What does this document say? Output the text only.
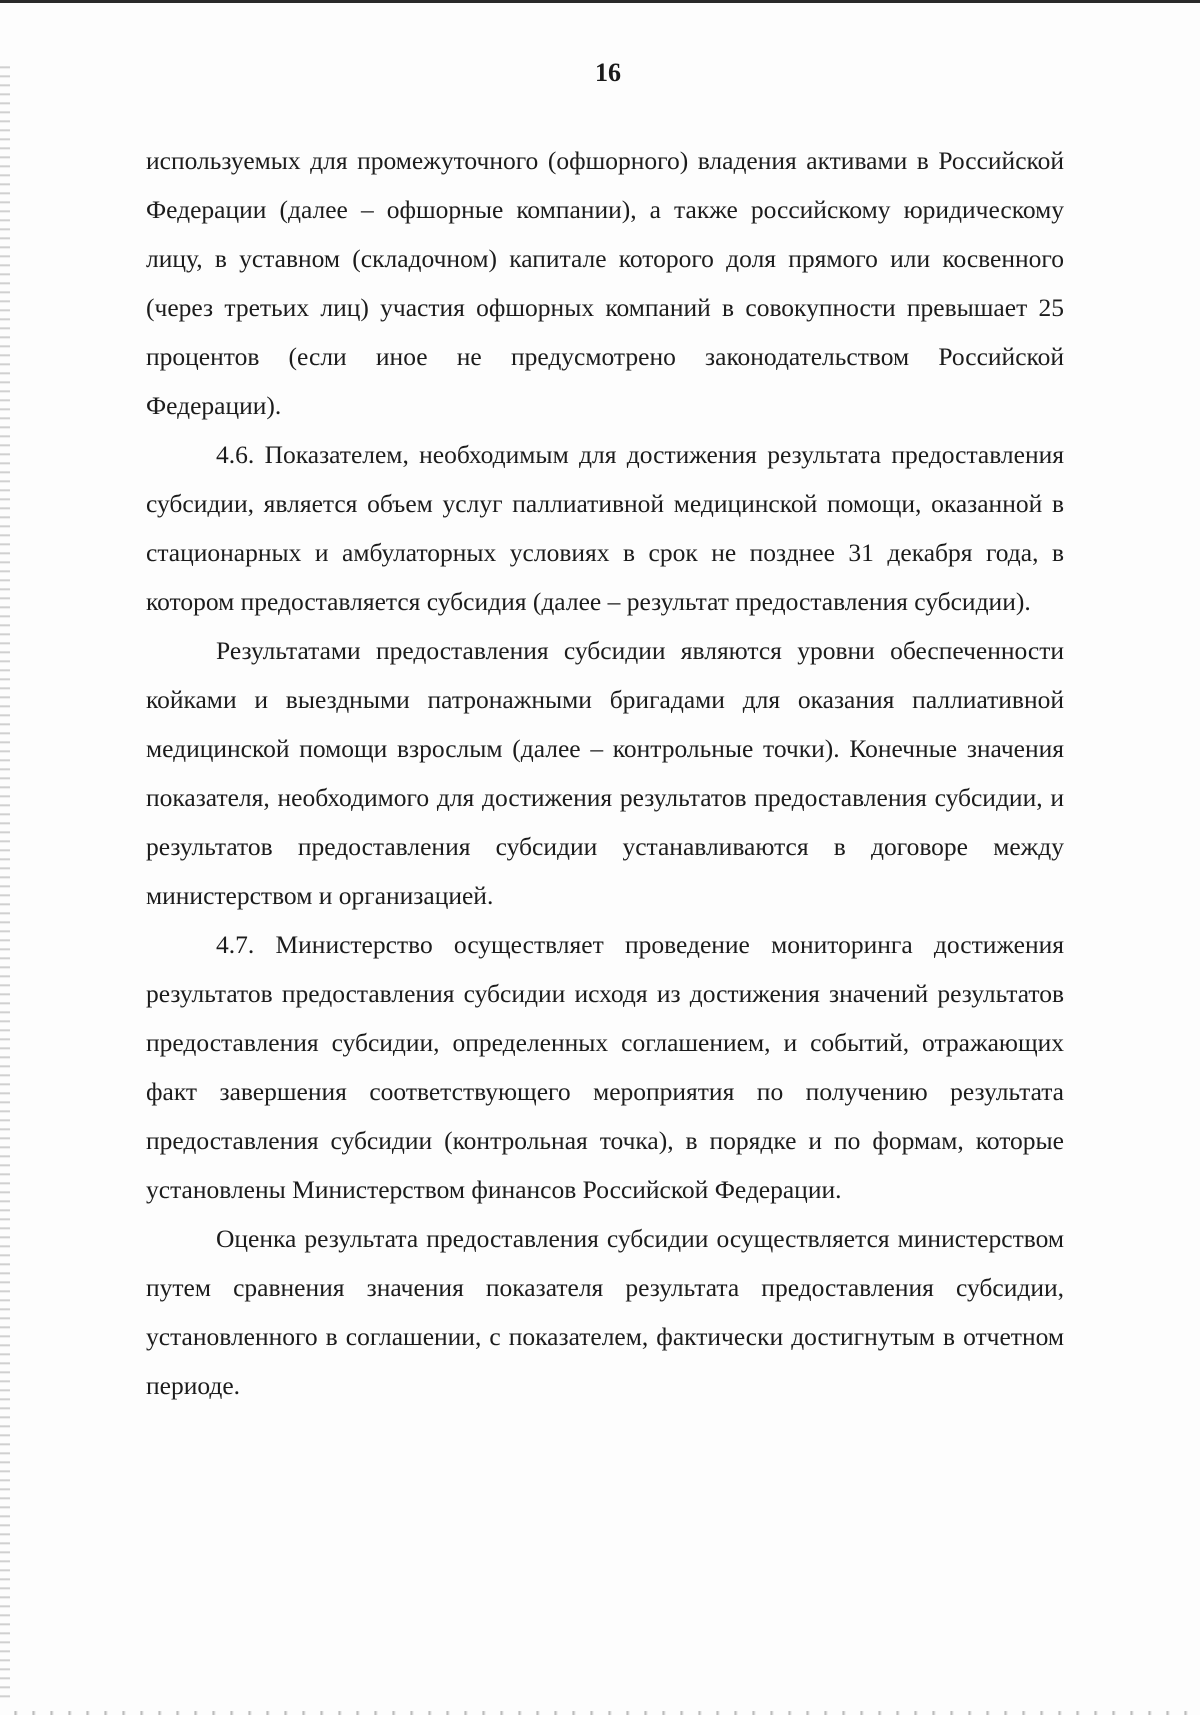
16

используемых для промежуточного (офшорного) владения активами в Российской Федерации (далее – офшорные компании), а также российскому юридическому лицу, в уставном (складочном) капитале которого доля прямого или косвенного (через третьих лиц) участия офшорных компаний в совокупности превышает 25 процентов (если иное не предусмотрено законодательством Российской Федерации).

4.6. Показателем, необходимым для достижения результата предоставления субсидии, является объем услуг паллиативной медицинской помощи, оказанной в стационарных и амбулаторных условиях в срок не позднее 31 декабря года, в котором предоставляется субсидия (далее – результат предоставления субсидии).

Результатами предоставления субсидии являются уровни обеспеченности койками и выездными патронажными бригадами для оказания паллиативной медицинской помощи взрослым (далее – контрольные точки). Конечные значения показателя, необходимого для достижения результатов предоставления субсидии, и результатов предоставления субсидии устанавливаются в договоре между министерством и организацией.

4.7. Министерство осуществляет проведение мониторинга достижения результатов предоставления субсидии исходя из достижения значений результатов предоставления субсидии, определенных соглашением, и событий, отражающих факт завершения соответствующего мероприятия по получению результата предоставления субсидии (контрольная точка), в порядке и по формам, которые установлены Министерством финансов Российской Федерации.

Оценка результата предоставления субсидии осуществляется министерством путем сравнения значения показателя результата предоставления субсидии, установленного в соглашении, с показателем, фактически достигнутым в отчетном периоде.
